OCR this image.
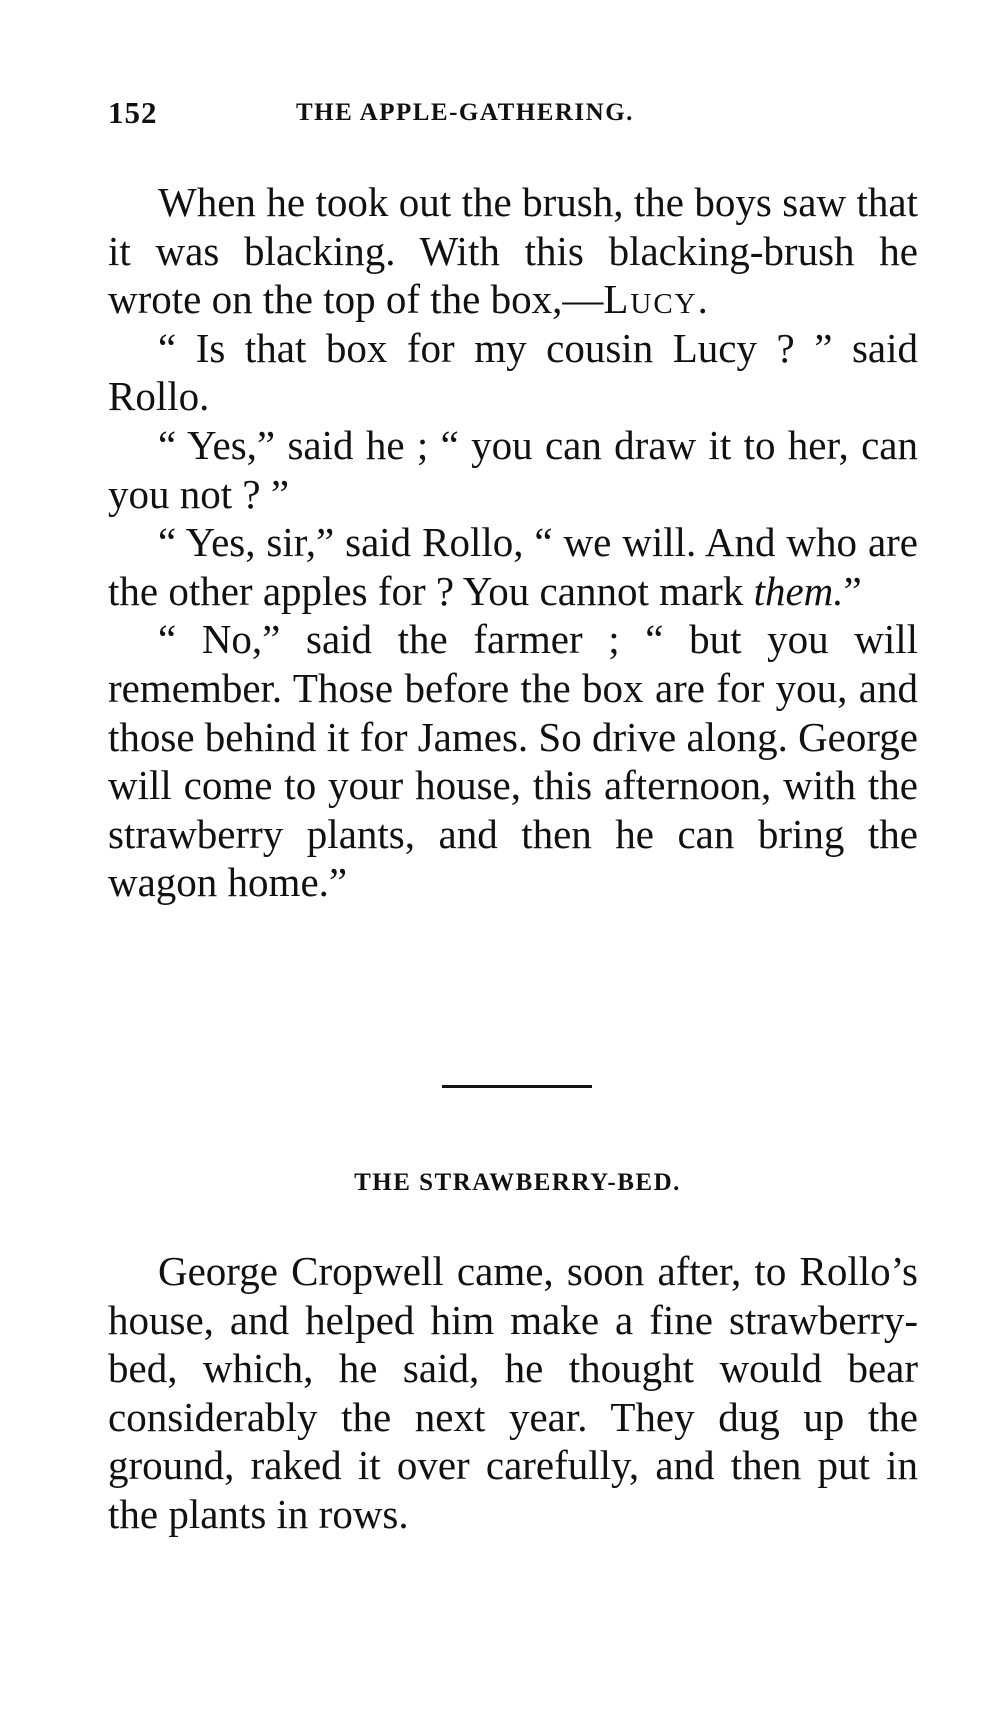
152	THE APPLE-GATHERING.

When he took out the brush, the boys saw that it was blacking. With this blacking-brush he wrote on the top of the box,—Lucy.

“ Is that box for my cousin Lucy ? ” said Rollo.

“ Yes,” said he ; “ you can draw it to her, can you not ? ”

“ Yes, sir,” said Rollo, “ we will. And who are the other apples for ? You cannot mark them.”

“ No,” said the farmer ; “ but you will remember. Those before the box are for you, and those behind it for James. So drive along. George will come to your house, this afternoon, with the strawberry plants, and then he can bring the wagon home.”

THE STRAWBERRY-BED.

George Cropwell came, soon after, to Rollo’s house, and helped him make a fine strawberry-bed, which, he said, he thought would bear considerably the next year. They dug up the ground, raked it over carefully, and then put in the plants in rows.
